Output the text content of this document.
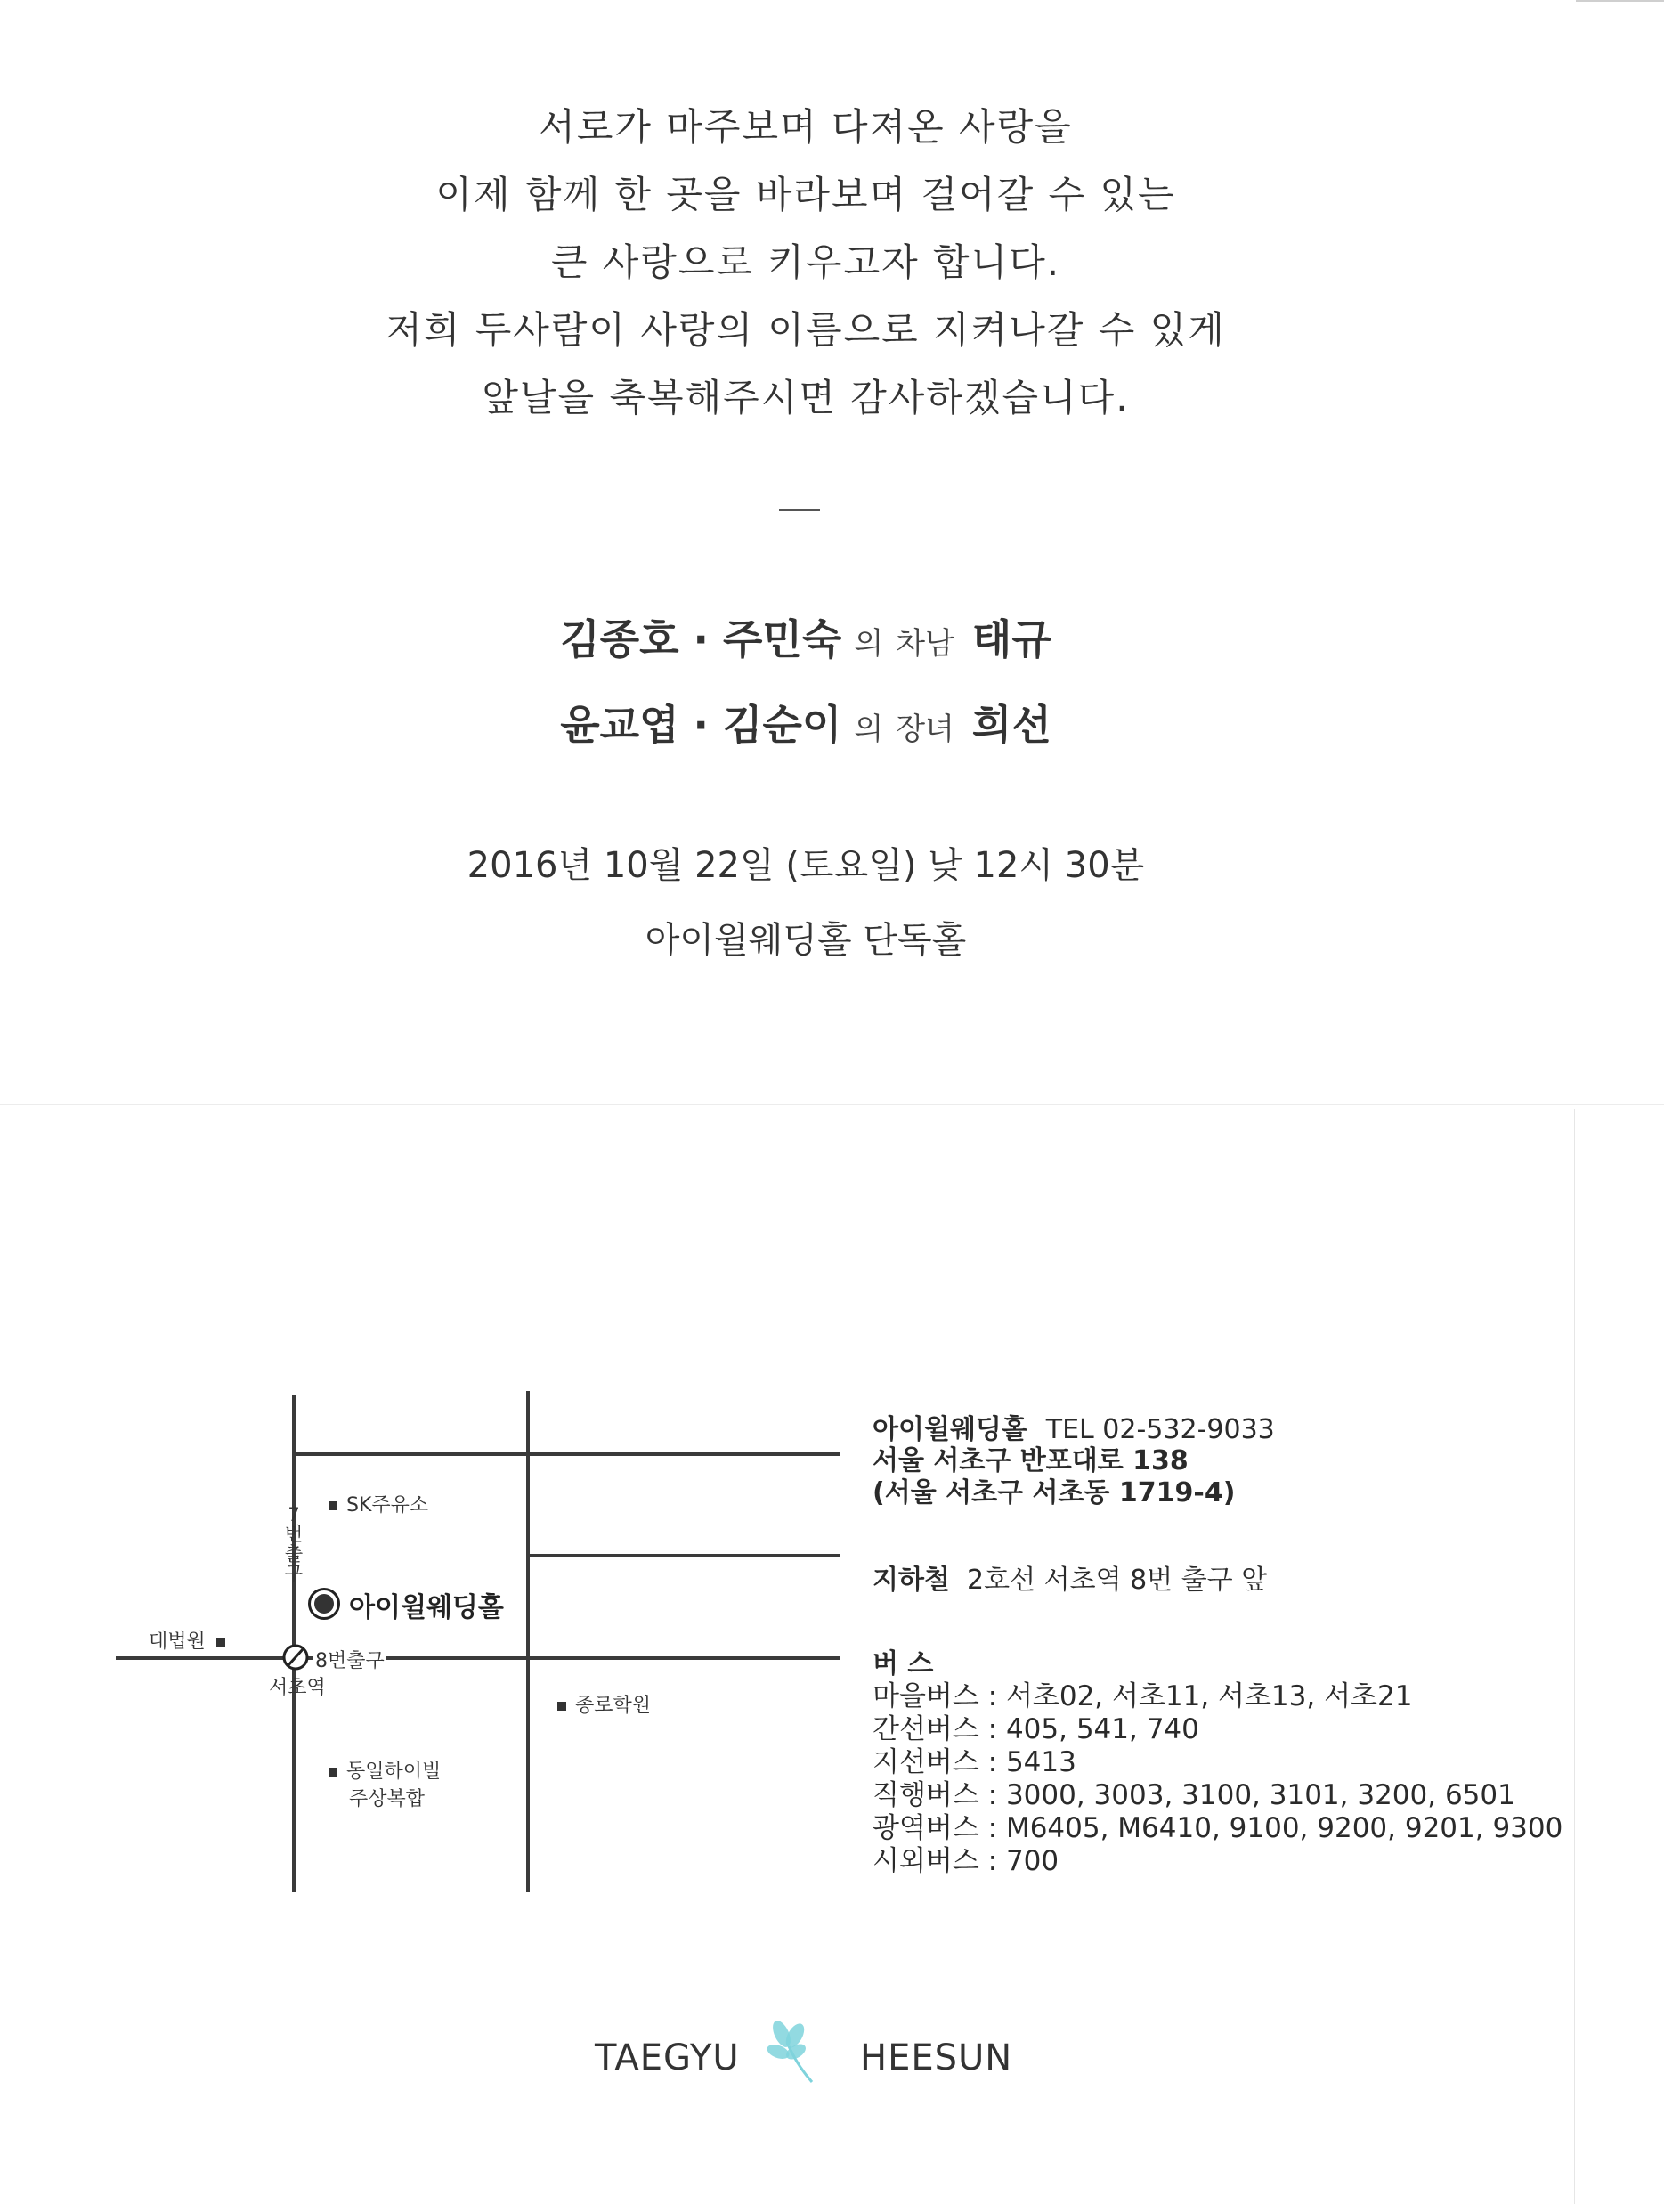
서로가 마주보며 다져온 사랑을
이제 함께 한 곳을 바라보며 걸어갈 수 있는
큰 사랑으로 키우고자 합니다.
저희 두사람이 사랑의 이름으로 지켜나갈 수 있게
앞날을 축복해주시면 감사하겠습니다.
김종호 · 주민숙 의 차남 태규
윤교엽 · 김순이 의 장녀 희선
2016년 10월 22일 (토요일) 낮 12시 30분
아이윌웨딩홀 단독홀
SK주유소
7
번
출
구
아이윌웨딩홀
대법원
8번출구
서초역
종로학원
동일하이빌
주상복합
아이윌웨딩홀 TEL 02-532-9033
서울 서초구 반포대로 138
(서울 서초구 서초동 1719-4)
지하철 2호선 서초역 8번 출구 앞
버 스
마을버스 : 서초02, 서초11, 서초13, 서초21
간선버스 : 405, 541, 740
지선버스 : 5413
직행버스 : 3000, 3003, 3100, 3101, 3200, 6501
광역버스 : M6405, M6410, 9100, 9200, 9201, 9300
시외버스 : 700
TAEGYU	HEESUN
